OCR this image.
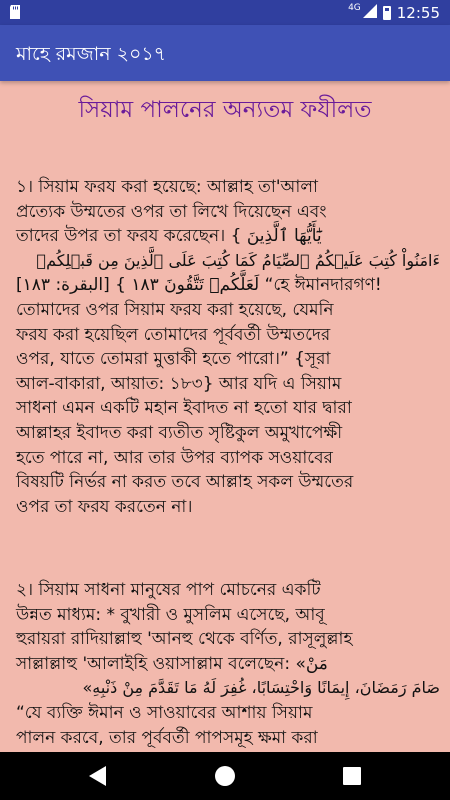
4G 12:55
মাহে রমজান ২০১৭
সিয়াম পালনের অন্যতম ফযীলত
১। সিয়াম ফরয করা হয়েছে: আল্লাহ তা'আলা
প্রত্যেক উম্মতের ওপর তা লিখে দিয়েছেন এবং
তাদের উপর তা ফরয করেছেন। { يَٰٓأَيُّهَا ٱلَّذِينَ
ءَامَنُواْ كُتِبَ عَلَيۡكُمُ ٱلصِّيَامُ كَمَا كُتِبَ عَلَى ٱلَّذِينَ مِن قَبۡلِكُمۡ
لَعَلَّكُمۡ تَتَّقُونَ ١٨٣ } [البقرة: ١٨٣] “হে ঈমানদারগণ!
তোমাদের ওপর সিয়াম ফরয করা হয়েছে, যেমনি
ফরয করা হয়েছিল তোমাদের পূর্ববর্তী উম্মতদের
ওপর, যাতে তোমরা মুত্তাকী হতে পারো।” {সূরা
আল-বাকারা, আয়াত: ১৮৩} আর যদি এ সিয়াম
সাধনা এমন একটি মহান ইবাদত না হতো যার দ্বারা
আল্লাহর ইবাদত করা ব্যতীত সৃষ্টিকুল অমুখাপেক্ষী
হতে পারে না, আর তার উপর ব্যাপক সওয়াবের
বিষয়টি নির্ভর না করত তবে আল্লাহ সকল উম্মতের
ওপর তা ফরয করতেন না।
২। সিয়াম সাধনা মানুষের পাপ মোচনের একটি
উন্নত মাধ্যম: * বুখারী ও মুসলিম এসেছে, আবূ
হুরায়রা রাদিয়াল্লাহু 'আনহু থেকে বর্ণিত, রাসূলুল্লাহ
সাল্লাল্লাহু 'আলাইহি ওয়াসাল্লাম বলেছেন: «مَنْ
صَامَ رَمَضَانَ، إِيمَانًا وَاحْتِسَابًا، غُفِرَ لَهُ مَا تَقَدَّمَ مِنْ ذَنْبِهِ»
“যে ব্যক্তি ঈমান ও সাওয়াবের আশায় সিয়াম
পালন করবে, তার পূর্ববর্তী পাপসমূহ ক্ষমা করা
